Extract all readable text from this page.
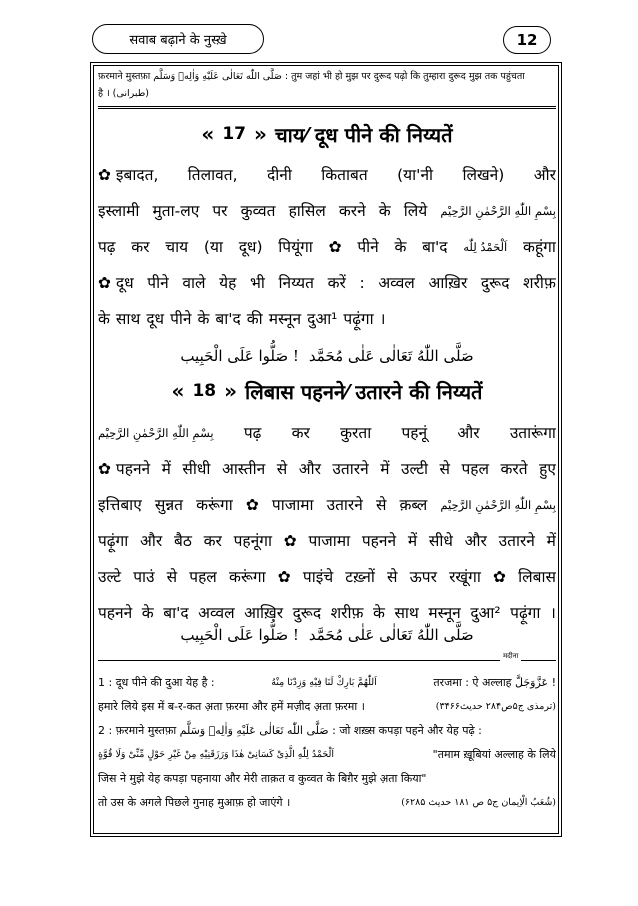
सवाब बढ़ाने के नुस्खे़	12
फ़रमाने मुस्तफ़ा صَلَّى اللّٰه تَعَالٰى عَلَيْهِ وَاٰلِهٖ وَسَلَّم : तुम जहां भी हो मुझ पर दुरूद पढ़ो कि तुम्हारा दुरूद मुझ तक पहुंचता
है । (طبرانی)
« 17 » चाय⁄ दूध पीने की निय्यतें
✿ इबादत, तिलावत, दीनी किताबत (या'नी लिखने) और
इस्लामी मुता-लए पर कुव्वत हासिल करने के लिये بِسْمِ اللّٰهِ الرَّحْمٰنِ الرَّحِيْم
पढ़ कर चाय (या दूध) पियूंगा ✿ पीने के बा'द اَلْحَمْدُ لِلّٰه कहूंगा
✿ दूध पीने वाले येह भी निय्यत करें : अव्वल आख़िर दुरूद शरीफ़
के साथ दूध पीने के बा'द की मस्नून दुआ¹ पढ़ूंगा ।
صَلُّوا عَلَى الْحَبِيب ! صَلَّى اللّٰهُ تَعَالٰى عَلٰى مُحَمَّد
« 18 » लिबास पहनने⁄ उतारने की निय्यतें
بِسْمِ اللّٰهِ الرَّحْمٰنِ الرَّحِيْم पढ़ कर कुरता पहनूं और उतारूंगा
✿ पहनने में सीधी आस्तीन से और उतारने में उल्टी से पहल करते हुए
इत्तिबाए सुन्नत करूंगा ✿ पाजामा उतारने से क़ब्ल بِسْمِ اللّٰهِ الرَّحْمٰنِ الرَّحِيْم
पढ़ूंगा और बैठ कर पहनूंगा ✿ पाजामा पहनने में सीधे और उतारने में
उल्टे पाउं से पहल करूंगा ✿ पाइंचे टख़्नों से ऊपर रखूंगा ✿ लिबास
पहनने के बा'द अव्वल आख़िर दुरूद शरीफ़ के साथ मस्नून दुआ² पढ़ूंगा ।
صَلُّوا عَلَى الْحَبِيب ! صَلَّى اللّٰهُ تَعَالٰى عَلٰى مُحَمَّد
मदीना
1 : दूध पीने की दुआ येह है :	اَللّٰهُمَّ بَارِكْ لَنَا فِيْهِ وَزِدْنَا مِنْهُ	तरजमा : ऐ अल्लाह عَزَّوَجَلَّ !
हमारे लिये इस में ब-र-कत अ़ता फ़रमा और हमें मज़ीद अ़ता फ़रमा ।	(ترمذی ج۵ص۲۸۴ حدیث۳۴۶۶)
2 : फ़रमाने मुस्तफ़ा صَلَّى اللّٰه تَعَالٰى عَلَيْهِ وَاٰلِهٖ وَسَلَّم : जो शख़्स कपड़ा पहने और येह पढ़े :
اَلْحَمْدُ لِلّٰهِ الَّذِىْ كَسَانِىْ هٰذَا وَرَزَقَنِيْهِ مِنْ غَيْرِ حَوْلٍ مِّنِّىْ وَلَا قُوَّةٍ	"तमाम ख़ूबियां अल्लाह के लिये
जिस ने मुझे येह कपड़ा पहनाया और मेरी ताक़त व कुव्वत के बिग़ैर मुझे अ़ता किया"
तो उस के अगले पिछले गुनाह मुआफ़ हो जाएंगे ।	(شُعَبُ الْاِیمان ج۵ ص ۱۸۱ حدیث ۶۲۸۵)
